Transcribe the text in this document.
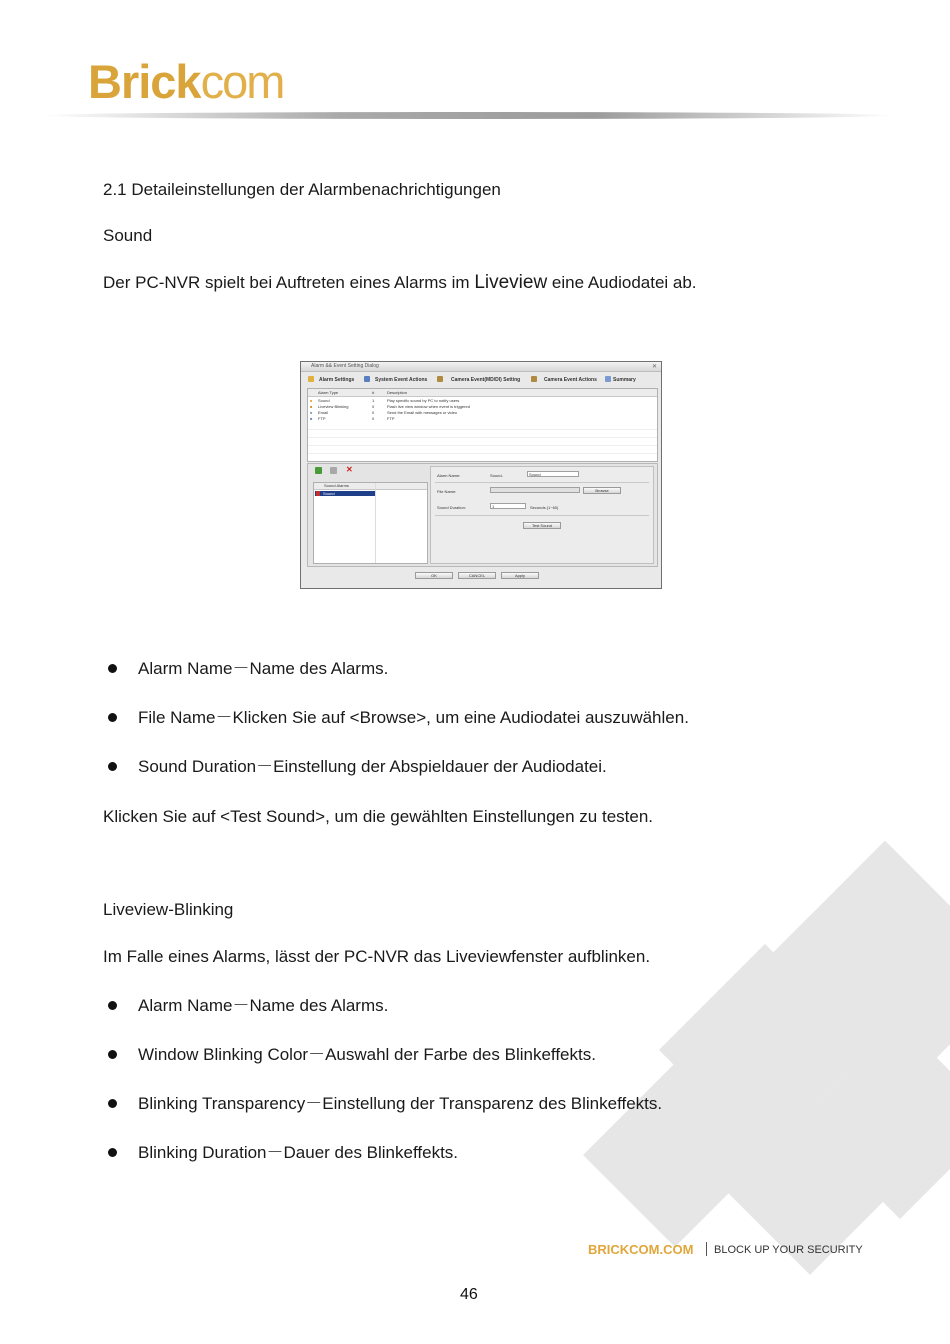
Brickcom
2.1 Detaileinstellungen der Alarmbenachrichtigungen
Sound
Der PC-NVR spielt bei Auftreten eines Alarms im Liveview eine Audiodatei ab.
Alarm && Event Setting Dialog	✕
Alarm Settings	System Event Actions	Camera Event(MD/DI) Setting	Camera Event Actions	Summary
Alarm Type	#	Description
■ Sound	1	Play specific sound by PC to notify users
■ Liveview Blinking	0	Flash live view window when event is triggered
■ Email	0	Send the Email with messages or video
■ FTP	0	FTP
✕
Sound Alarms
Sound
Alarm Name:	Sound-	Sound
File Name:	Browse
Sound Duration:	1	Seconds (1~60)
Test Sound
OK	CANCEL	Apply
Alarm Name－Name des Alarms.
File Name－Klicken Sie auf <Browse>, um eine Audiodatei auszuwählen.
Sound Duration－Einstellung der Abspieldauer der Audiodatei.
Klicken Sie auf <Test Sound>, um die gewählten Einstellungen zu testen.
Liveview-Blinking
Im Falle eines Alarms, lässt der PC-NVR das Liveviewfenster aufblinken.
Alarm Name－Name des Alarms.
Window Blinking Color－Auswahl der Farbe des Blinkeffekts.
Blinking Transparency－Einstellung der Transparenz des Blinkeffekts.
Blinking Duration－Dauer des Blinkeffekts.
BRICKCOM.COM BLOCK UP YOUR SECURITY
46
